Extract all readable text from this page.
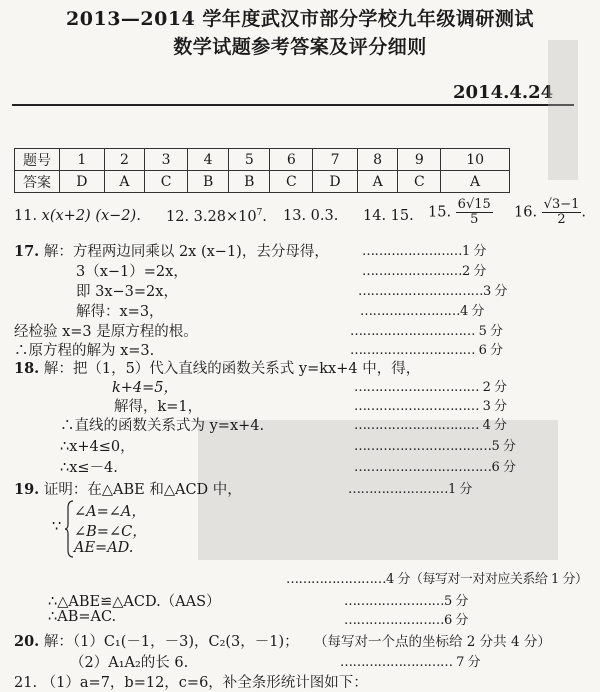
2013—2014 学年度武汉市部分学校九年级调研测试
数学试题参考答案及评分细则
2014.4.24
题号	1	2	3	4	5	6	7	8	9	10
答案	D	A	C	B	B	C	D	A	C	A
11. x(x+2) (x−2). 12. $3.28\times 10^7$. 13. 0.3. 14. 15. 15. $\frac{6√15}{5} 16$. $\frac{√3-1}{2}$ .
17. 解：方程两边同乘以 2x (x−1)，去分母得，	……………………1 分
3（x−1）=2x，	……………………2 分
即 3x−3=2x，	…………………………3 分
解得：x=3，	……………………4 分
经检验 x=3 是原方程的根。	………………………… 5 分
∴原方程的解为 x=3.	………………………… 6 分
18. 解：把（1，5）代入直线的函数关系式 y=kx+4 中，得，
k+4=5，	………………………… 2 分
解得，k=1，	………………………… 3 分
∴直线的函数关系式为 y=x+4.	………………………… 4 分
∴x+4≤0，	……………………………5 分
∴x≤－4.	……………………………6 分
19. 证明：在△ABE 和△ACD 中，	……………………1 分
∵
∠A=∠A，
∠B=∠C，
AE=AD.
……………………4 分（每写对一对对应关系给 1 分）
∴△ABE≌△ACD.（AAS）	……………………5 分
∴AB=AC.	……………………6 分
20. 解：（1）C₁(－1，－3)，C₂(3，－1)； （每写对一个点的坐标给 2 分共 4 分）
（2）A₁A₂的长 6.	……………………… 7 分
21. （1）a=7，b=12，c=6，补全条形统计图如下：
